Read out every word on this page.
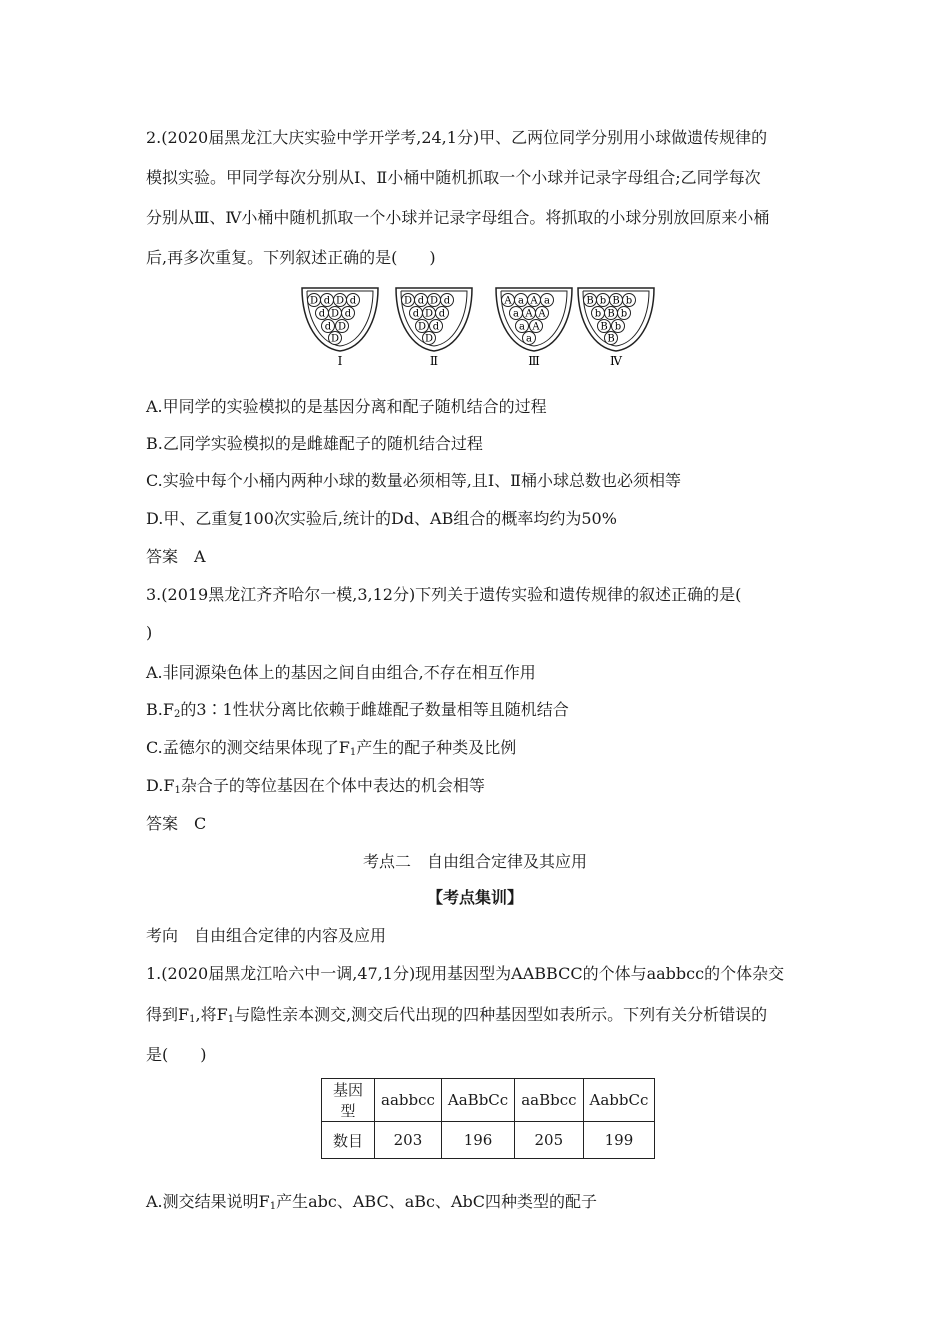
2.(2020届黑龙江大庆实验中学开学考,24,1分)甲、乙两位同学分别用小球做遗传规律的
模拟实验。甲同学每次分别从Ⅰ、Ⅱ小桶中随机抓取一个小球并记录字母组合;乙同学每次
分别从Ⅲ、Ⅳ小桶中随机抓取一个小球并记录字母组合。将抓取的小球分别放回原来小桶
后,再多次重复。下列叙述正确的是(　　)
D d D d
d D d
d D
D
Ⅰ
D d D d
d D d
D d
D
Ⅱ
A a A a
a A A
a A
a
Ⅲ
B b B b
b B b
B b
B
Ⅳ
A.甲同学的实验模拟的是基因分离和配子随机结合的过程
B.乙同学实验模拟的是雌雄配子的随机结合过程
C.实验中每个小桶内两种小球的数量必须相等,且Ⅰ、Ⅱ桶小球总数也必须相等
D.甲、乙重复100次实验后,统计的Dd、AB组合的概率均约为50%
答案　A
3.(2019黑龙江齐齐哈尔一模,3,12分)下列关于遗传实验和遗传规律的叙述正确的是(
)
A.非同源染色体上的基因之间自由组合,不存在相互作用
$B.F_2$的3∶1性状分离比依赖于雌雄配子数量相等且随机结合
C.孟德尔的测交结果体现了$F_1$产生的配子种类及比例
$D.F_1$杂合子的等位基因在个体中表达的机会相等
答案　C
考点二　自由组合定律及其应用
【考点集训】
考向　自由组合定律的内容及应用
1.(2020届黑龙江哈六中一调,47,1分)现用基因型为AABBCC的个体与aabbcc的个体杂交
得到$F_1$,将$F_1$与隐性亲本测交,测交后代出现的四种基因型如表所示。下列有关分析错误的
是(　　)
基因型	aabbcc	AaBbCc	aaBbcc	AabbCc
数目	203	196	205	199
A.测交结果说明$F_1$产生abc、ABC、aBc、AbC四种类型的配子
